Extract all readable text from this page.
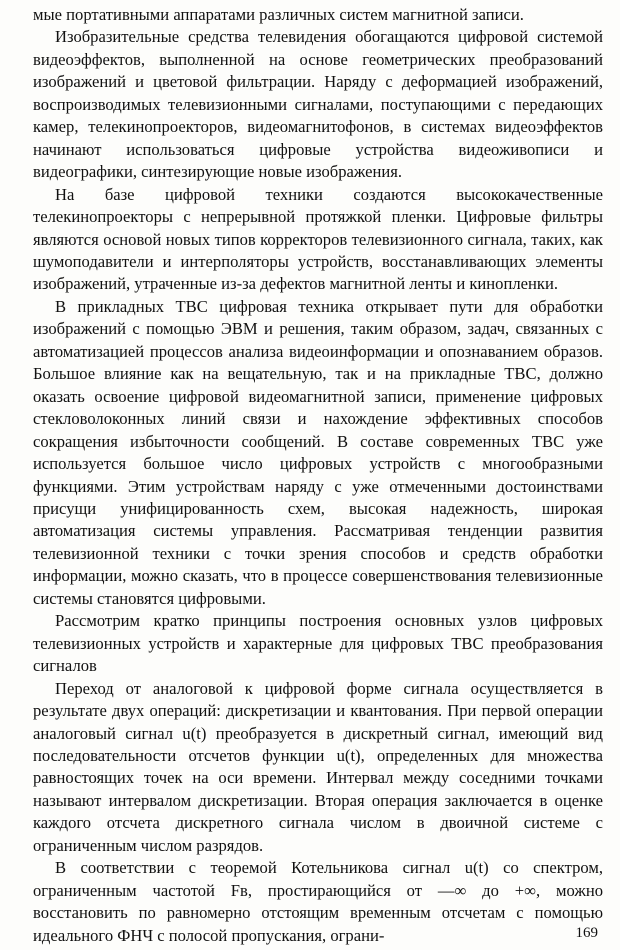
мые портативными аппаратами различных систем магнитной записи.

Изобразительные средства телевидения обогащаются цифровой системой видеоэффектов, выполненной на основе геометрических преобразований изображений и цветовой фильтрации. Наряду с деформацией изображений, воспроизводимых телевизионными сигналами, поступающими с передающих камер, телекинопроекторов, видеомагнитофонов, в системах видеоэффектов начинают использоваться цифровые устройства видеоживописи и видеографики, синтезирующие новые изображения.

На базе цифровой техники создаются высококачественные телекинопроекторы с непрерывной протяжкой пленки. Цифровые фильтры являются основой новых типов корректоров телевизионного сигнала, таких, как шумоподавители и интерполяторы устройств, восстанавливающих элементы изображений, утраченные из-за дефектов магнитной ленты и кинопленки.

В прикладных ТВС цифровая техника открывает пути для обработки изображений с помощью ЭВМ и решения, таким образом, задач, связанных с автоматизацией процессов анализа видеоинформации и опознаванием образов. Большое влияние как на вещательную, так и на прикладные ТВС, должно оказать освоение цифровой видеомагнитной записи, применение цифровых стекловолоконных линий связи и нахождение эффективных способов сокращения избыточности сообщений. В составе современных ТВС уже используется большое число цифровых устройств с многообразными функциями. Этим устройствам наряду с уже отмеченными достоинствами присущи унифицированность схем, высокая надежность, широкая автоматизация системы управления. Рассматривая тенденции развития телевизионной техники с точки зрения способов и средств обработки информации, можно сказать, что в процессе совершенствования телевизионные системы становятся цифровыми.

Рассмотрим кратко принципы построения основных узлов цифровых телевизионных устройств и характерные для цифровых ТВС преобразования сигналов

Переход от аналоговой к цифровой форме сигнала осуществляется в результате двух операций: дискретизации и квантования. При первой операции аналоговый сигнал u(t) преобразуется в дискретный сигнал, имеющий вид последовательности отсчетов функции u(t), определенных для множества равностоящих точек на оси времени. Интервал между соседними точками называют интервалом дискретизации. Вторая операция заключается в оценке каждого отсчета дискретного сигнала числом в двоичной системе с ограниченным числом разрядов.

В соответствии с теоремой Котельникова сигнал u(t) со спектром, ограниченным частотой Fв, простирающийся от —∞ до +∞, можно восстановить по равномерно отстоящим временным отсчетам с помощью идеального ФНЧ с полосой пропускания, ограни-	169
